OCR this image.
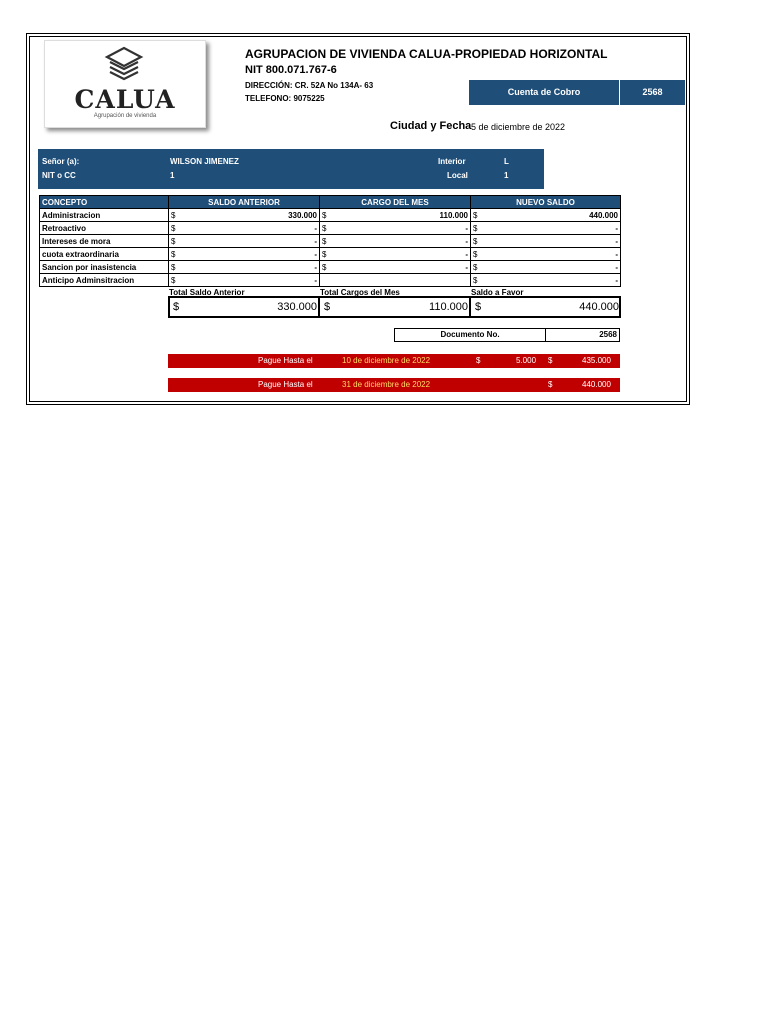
CALUA
Agrupación de vivienda
AGRUPACION DE VIVIENDA CALUA-PROPIEDAD HORIZONTAL
NIT 800.071.767-6
DIRECCIÓN: CR. 52A No 134A- 63
TELEFONO: 9075225
Cuenta de Cobro	2568
Ciudad y Fecha 5 de diciembre de 2022
Señor (a):	WILSON JIMENEZ
NIT o CC	1
Interior	L
Local	1
CONCEPTO	SALDO ANTERIOR	CARGO DEL MES	NUEVO SALDO
Administracion	$ 330.000	$ 110.000	$ 440.000

Retroactivo	$ -	$ -	$ -

Intereses de mora	$ -	$ -	$ -

cuota extraordinaria	$ -	$ -	$ -

Sancion por inasistencia	$ -	$ -	$ -

Anticipo Adminsitracion	$ -		$ -
Total Saldo Anterior	Total Cargos del Mes	Saldo a Favor
$	330.000 $	110.000 $	440.000
Documento No.	2568
Pague Hasta el	10 de diciembre de 2022	$	5.000 $	435.000
Pague Hasta el	31 de diciembre de 2022	$	440.000
